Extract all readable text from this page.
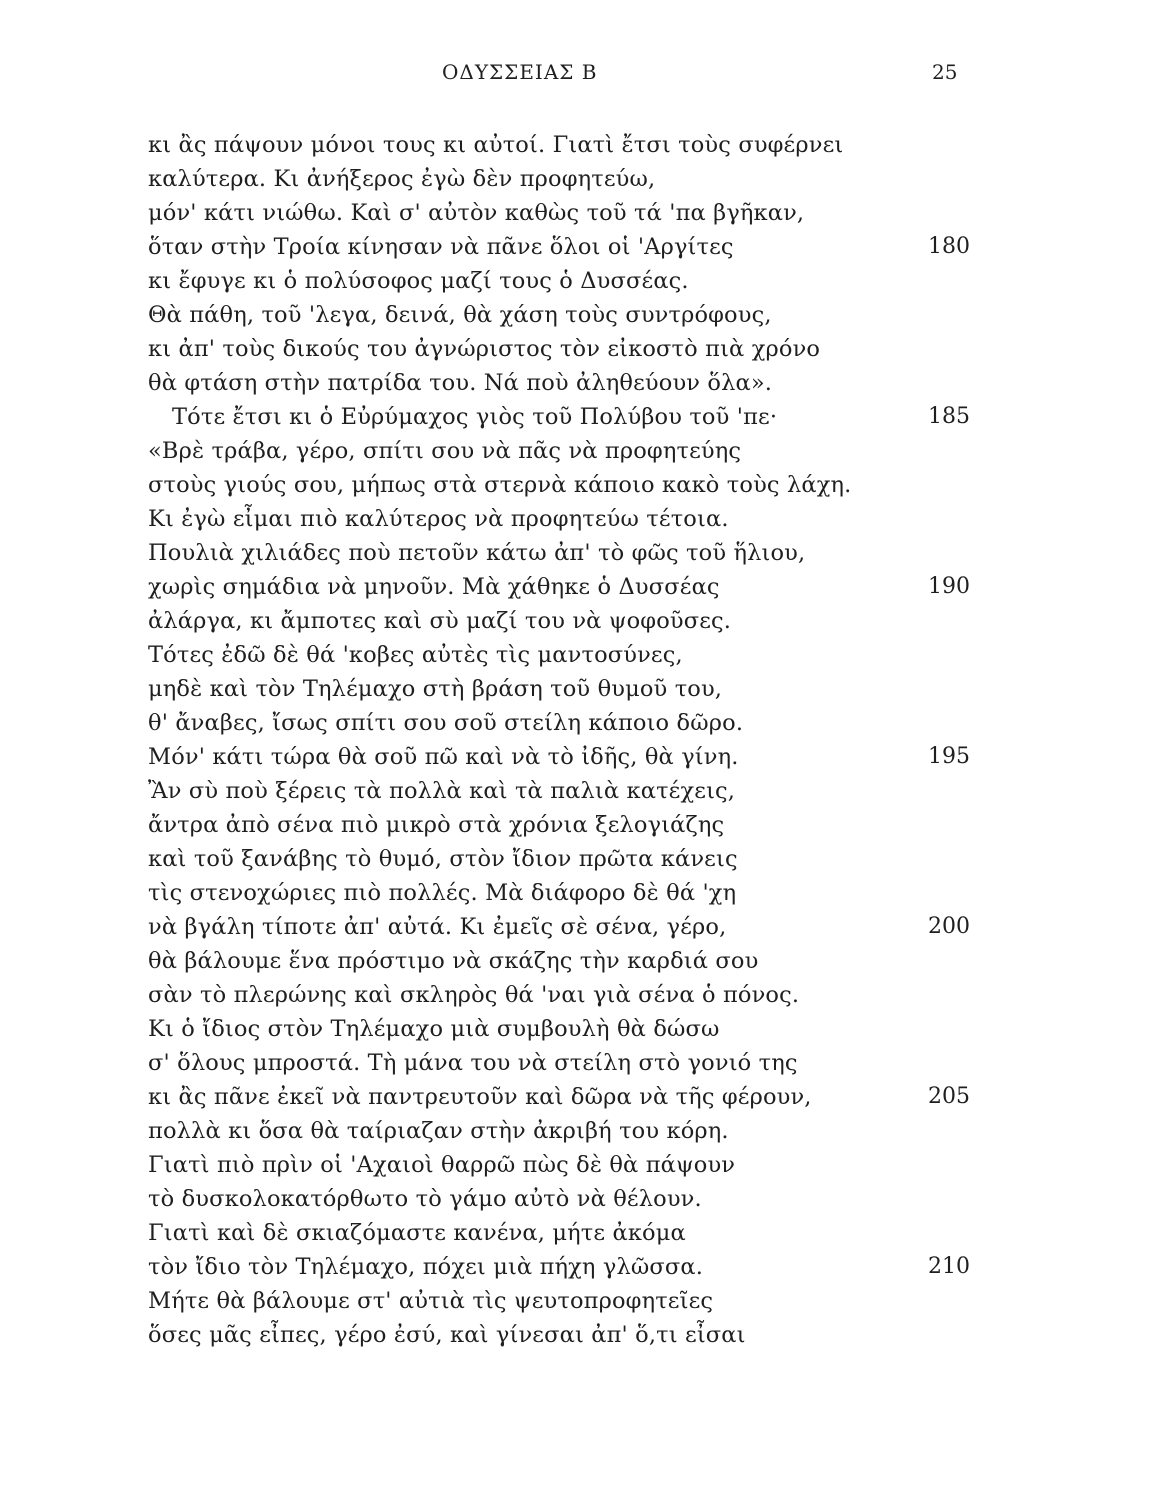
ΟΔΥΣΣΕΙΑΣ Β	25
κι ἂς πάψουν μόνοι τους κι αὐτοί. Γιατὶ ἔτσι τοὺς συφέρνει
καλύτερα. Κι ἀνήξερος ἐγὼ δὲν προφητεύω,
μόν' κάτι νιώθω. Καὶ σ' αὐτὸν καθὼς τοῦ τά 'πα βγῆκαν,
ὅταν στὴν Τροία κίνησαν νὰ πᾶνε ὅλοι οἱ 'Αργίτες	180
κι ἔφυγε κι ὁ πολύσοφος μαζί τους ὁ Δυσσέας.
Θὰ πάθη, τοῦ 'λεγα, δεινά, θὰ χάση τοὺς συντρόφους,
κι ἀπ' τοὺς δικούς του ἀγνώριστος τὸν εἰκοστὸ πιὰ χρόνο
θὰ φτάση στὴν πατρίδα του. Νά ποὺ ἀληθεύουν ὅλα».
Τότε ἔτσι κι ὁ Εὐρύμαχος γιὸς τοῦ Πολύβου τοῦ 'πε·	185
«Βρὲ τράβα, γέρο, σπίτι σου νὰ πᾶς νὰ προφητεύης
στοὺς γιούς σου, μήπως στὰ στερνὰ κάποιο κακὸ τοὺς λάχη.
Κι ἐγὼ εἶμαι πιὸ καλύτερος νὰ προφητεύω τέτοια.
Πουλιὰ χιλιάδες ποὺ πετοῦν κάτω ἀπ' τὸ φῶς τοῦ ἥλιου,
χωρὶς σημάδια νὰ μηνοῦν. Μὰ χάθηκε ὁ Δυσσέας	190
ἀλάργα, κι ἄμποτες καὶ σὺ μαζί του νὰ ψοφοῦσες.
Τότες ἐδῶ δὲ θά 'κοβες αὐτὲς τὶς μαντοσύνες,
μηδὲ καὶ τὸν Τηλέμαχο στὴ βράση τοῦ θυμοῦ του,
θ' ἄναβες, ἴσως σπίτι σου σοῦ στείλη κάποιο δῶρο.
Μόν' κάτι τώρα θὰ σοῦ πῶ καὶ νὰ τὸ ἰδῆς, θὰ γίνη.	195
Ἂν σὺ ποὺ ξέρεις τὰ πολλὰ καὶ τὰ παλιὰ κατέχεις,
ἄντρα ἀπὸ σένα πιὸ μικρὸ στὰ χρόνια ξελογιάζης
καὶ τοῦ ξανάβης τὸ θυμό, στὸν ἴδιον πρῶτα κάνεις
τὶς στενοχώριες πιὸ πολλές. Μὰ διάφορο δὲ θά 'χη
νὰ βγάλη τίποτε ἀπ' αὐτά. Κι ἐμεῖς σὲ σένα, γέρο,	200
θὰ βάλουμε ἕνα πρόστιμο νὰ σκάζης τὴν καρδιά σου
σὰν τὸ πλερώνης καὶ σκληρὸς θά 'ναι γιὰ σένα ὁ πόνος.
Κι ὁ ἴδιος στὸν Τηλέμαχο μιὰ συμβουλὴ θὰ δώσω
σ' ὅλους μπροστά. Τὴ μάνα του νὰ στείλη στὸ γονιό της
κι ἂς πᾶνε ἐκεῖ νὰ παντρευτοῦν καὶ δῶρα νὰ τῆς φέρουν,	205
πολλὰ κι ὅσα θὰ ταίριαζαν στὴν ἀκριβή του κόρη.
Γιατὶ πιὸ πρὶν οἱ 'Αχαιοὶ θαρρῶ πὼς δὲ θὰ πάψουν
τὸ δυσκολοκατόρθωτο τὸ γάμο αὐτὸ νὰ θέλουν.
Γιατὶ καὶ δὲ σκιαζόμαστε κανένα, μήτε ἀκόμα
τὸν ἴδιο τὸν Τηλέμαχο, πόχει μιὰ πήχη γλῶσσα.	210
Μήτε θὰ βάλουμε στ' αὐτιὰ τὶς ψευτοπροφητεῖες
ὅσες μᾶς εἶπες, γέρο ἐσύ, καὶ γίνεσαι ἀπ' ὅ,τι εἶσαι
